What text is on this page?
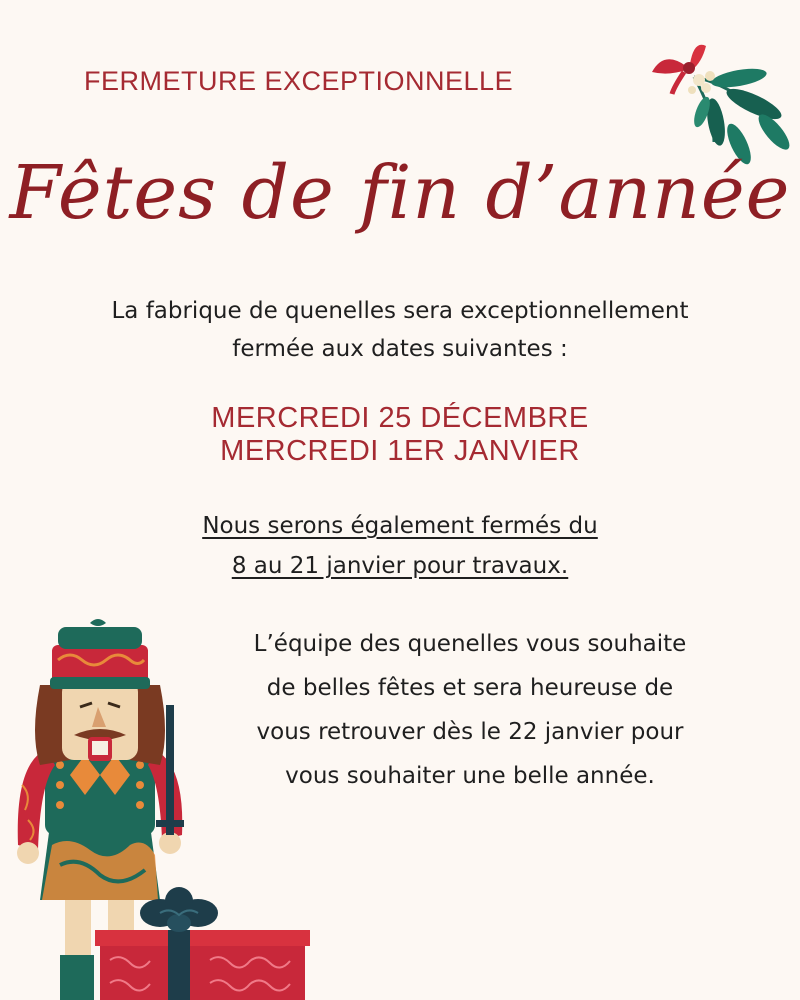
FERMETURE EXCEPTIONNELLE
Fêtes de fin d’année
La fabrique de quenelles sera exceptionnellement
fermée aux dates suivantes :
MERCREDI 25 DÉCEMBRE
MERCREDI 1ER JANVIER
Nous serons également fermés du
8 au 21 janvier pour travaux.
L’équipe des quenelles vous souhaite
de belles fêtes et sera heureuse de
vous retrouver dès le 22 janvier pour
vous souhaiter une belle année.
